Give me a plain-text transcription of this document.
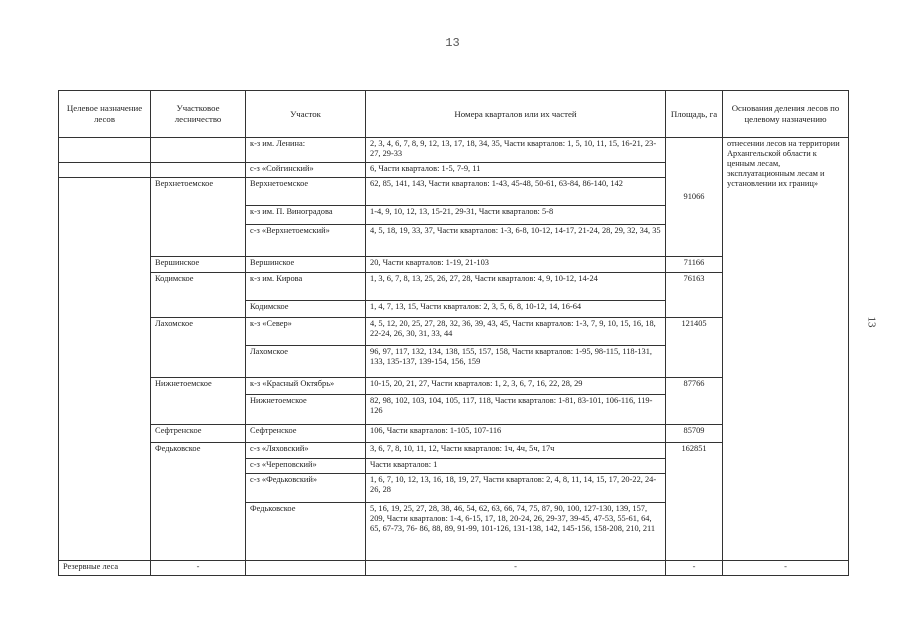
13
13
Целевое назначение лесов	Участковое лесничество	Участок	Номера кварталов или их частей	Площадь, га	Основания деления лесов по целевому назначению
		к-з им. Ленина:	2, 3, 4, 6, 7, 8, 9, 12, 13, 17, 18, 34, 35, Части кварталов: 1, 5, 10, 11, 15, 16-21, 23-27, 29-33	91066	отнесении лесов на территории Архангельской области к ценным лесам, эксплуатационным лесам и установлении их границ»
		с-з «Сойгинский»	6, Части кварталов: 1-5, 7-9, 11		
	Верхнетоемское	Верхнетоемское	62, 85, 141, 143, Части кварталов: 1-43, 45-48, 50-61, 63-84, 86-140, 142		
		к-з им. П. Виноградова	1-4, 9, 10, 12, 13, 15-21, 29-31, Части кварталов: 5-8		
		с-з «Верхнетоемский»	4, 5, 18, 19, 33, 37, Части кварталов: 1-3, 6-8, 10-12, 14-17, 21-24, 28, 29, 32, 34, 35		
	Вершинское	Вершинское	20, Части кварталов: 1-19, 21-103	71166	
	Кодимское	к-з им. Кирова	1, 3, 6, 7, 8, 13, 25, 26, 27, 28, Части кварталов: 4, 9, 10-12, 14-24	76163	
		Кодимское	1, 4, 7, 13, 15, Части кварталов: 2, 3, 5, 6, 8, 10-12, 14, 16-64		
	Лахомское	к-з «Север»	4, 5, 12, 20, 25, 27, 28, 32, 36, 39, 43, 45, Части кварталов: 1-3, 7, 9, 10, 15, 16, 18, 22-24, 26, 30, 31, 33, 44	121405	
		Лахомское	96, 97, 117, 132, 134, 138, 155, 157, 158, Части кварталов: 1-95, 98-115, 118-131, 133, 135-137, 139-154, 156, 159		
	Нижнетоемское	к-з «Красный Октябрь»	10-15, 20, 21, 27, Части кварталов: 1, 2, 3, 6, 7, 16, 22, 28, 29	87766	
		Нижнетоемское	82, 98, 102, 103, 104, 105, 117, 118, Части кварталов: 1-81, 83-101, 106-116, 119-126		
	Сефтренское	Сефтренское	106, Части кварталов: 1-105, 107-116	85709	
	Федьковское	с-з «Ляховский»	3, 6, 7, 8, 10, 11, 12, Части кварталов: 1ч, 4ч, 5ч, 17ч	162851	
		с-з «Череповский»	Части кварталов: 1		
		с-з «Федьковский»	1, 6, 7, 10, 12, 13, 16, 18, 19, 27, Части кварталов: 2, 4, 8, 11, 14, 15, 17, 20-22, 24-26, 28		
		Федьковское	5, 16, 19, 25, 27, 28, 38, 46, 54, 62, 63, 66, 74, 75, 87, 90, 100, 127-130, 139, 157, 209, Части кварталов: 1-4, 6-15, 17, 18, 20-24, 26, 29-37, 39-45, 47-53, 55-61, 64, 65, 67-73, 76- 86, 88, 89, 91-99, 101-126, 131-138, 142, 145-156, 158-208, 210, 211		
Резервные леса	-		-	-	-
